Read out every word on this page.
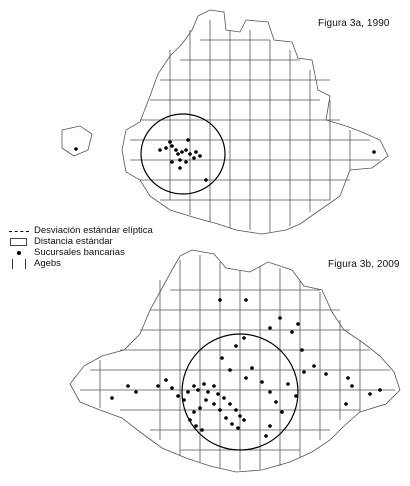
Figura 3a, 1990
Figura 3b, 2009
Desviación estándar elíptica
Distancia estándar
Sucursales bancarias
Agebs
